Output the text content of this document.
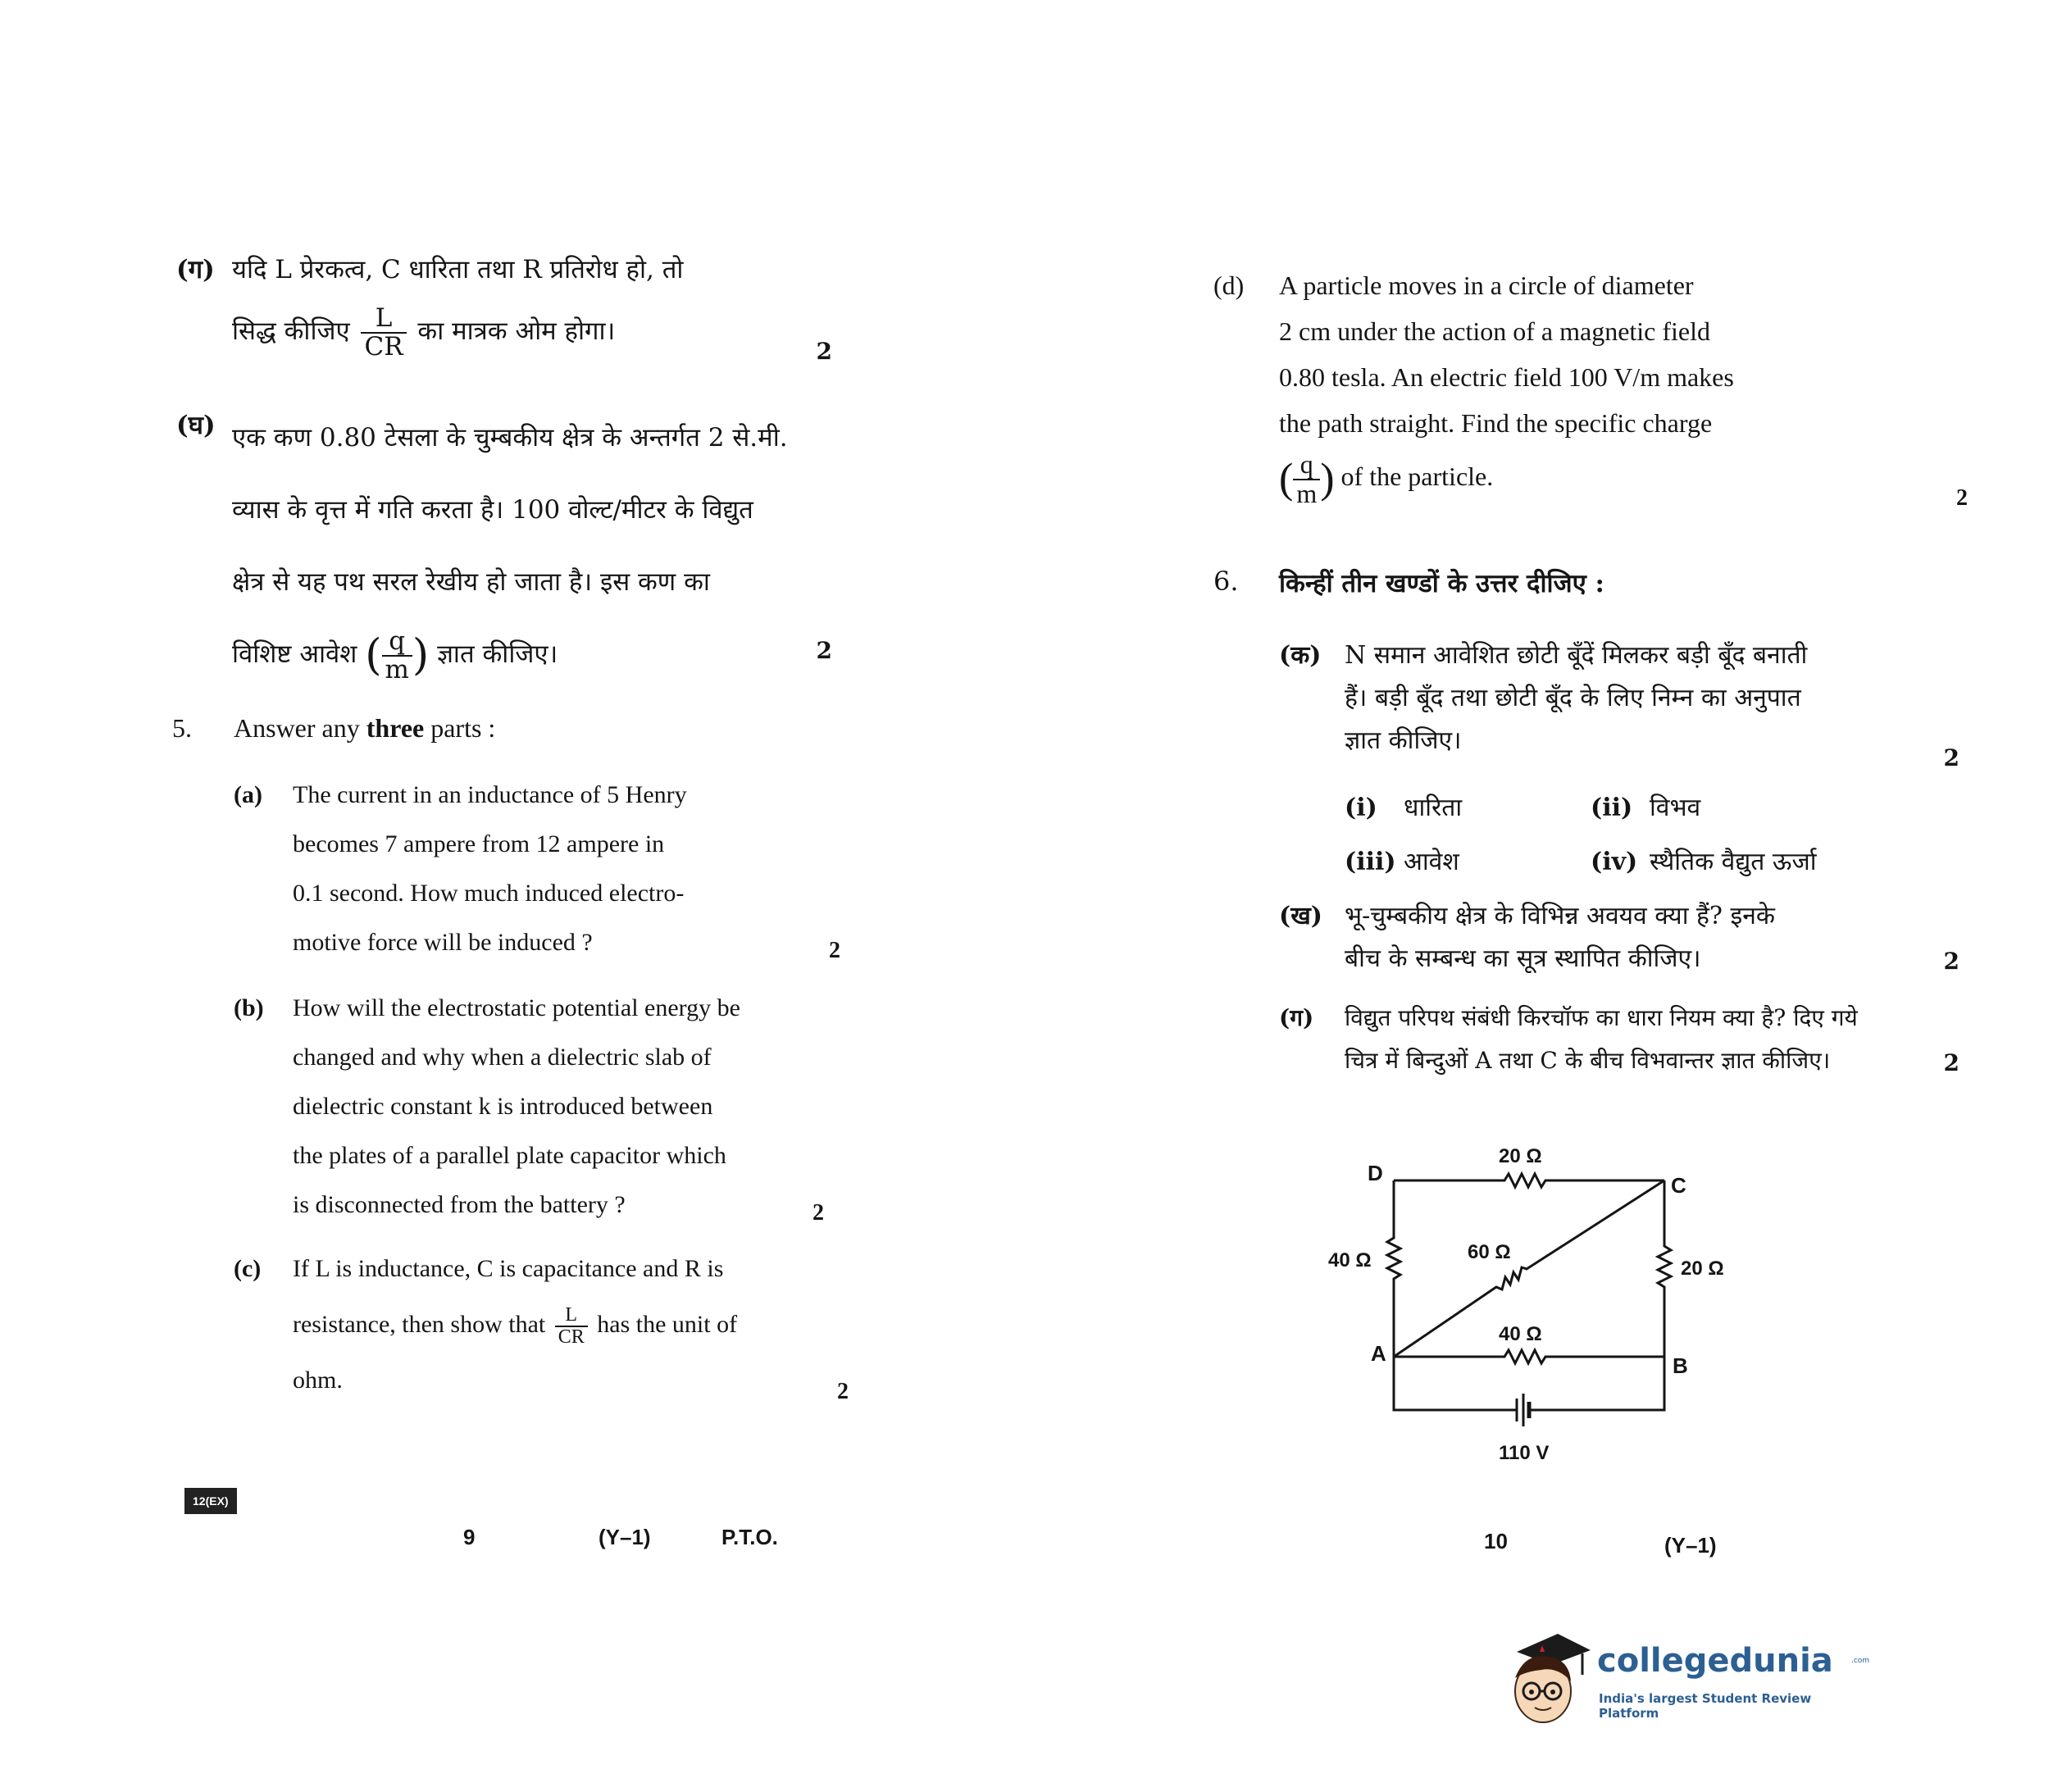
(ग) यदि L प्रेरकत्व, C धारिता तथा R प्रतिरोध हो, तो
सिद्ध कीजिए $\frac{L}{CR}$ का मात्रक ओम होगा।
2
(घ) एक कण 0.80 टेसला के चुम्बकीय क्षेत्र के अन्तर्गत 2 से.मी.
व्यास के वृत्त में गति करता है। 100 वोल्ट/मीटर के विद्युत
क्षेत्र से यह पथ सरल रेखीय हो जाता है। इस कण का
विशिष्ट आवेश ( $\frac{q}{m}$ ) ज्ञात कीजिए।	2
5. Answer any three parts :
(a) The current in an inductance of 5 Henry
becomes 7 ampere from 12 ampere in
0.1 second. How much induced electro-
motive force will be induced ?	2
(b) How will the electrostatic potential energy be
changed and why when a dielectric slab of
dielectric constant k is introduced between
the plates of a parallel plate capacitor which
is disconnected from the battery ?	2
(c) If L is inductance, C is capacitance and R is
resistance, then show that $\frac{L}{CR}$ has the unit of
ohm.	2
12(EX)
9	(Y–1)	P.T.O.
(d) A particle moves in a circle of diameter
2 cm under the action of a magnetic field
0.80 tesla. An electric field 100 V/m makes
the path straight. Find the specific charge
( $\frac{q}{m}$ ) of the particle.
2
6. किन्हीं तीन खण्डों के उत्तर दीजिए :
(क) N समान आवेशित छोटी बूँदें मिलकर बड़ी बूँद बनाती
हैं। बड़ी बूँद तथा छोटी बूँद के लिए निम्न का अनुपात
ज्ञात कीजिए।
(i) धारिता	(ii) विभव
(iii) आवेश	(iv) स्थैतिक वैद्युत ऊर्जा
2
(ख) भू-चुम्बकीय क्षेत्र के विभिन्न अवयव क्या हैं? इनके
बीच के सम्बन्ध का सूत्र स्थापित कीजिए।	2
(ग) विद्युत परिपथ संबंधी किरचॉफ का धारा नियम क्या है? दिए गये
चित्र में बिन्दुओं A तथा C के बीच विभवान्तर ज्ञात कीजिए।	2
D	C
A	B
20 Ω
40 Ω	60 Ω
20 Ω
40 Ω
110 V
10	(Y–1)
collegedunia .com
India's largest Student Review Platform
